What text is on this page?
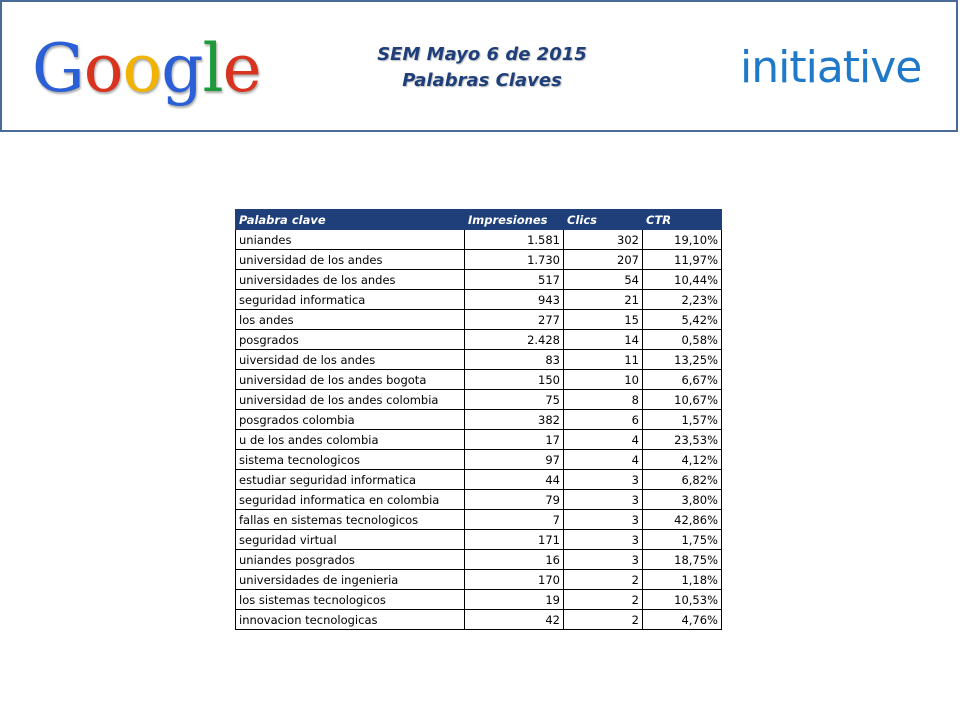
Google	SEM Mayo 6 de 2015
Palabras Claves	initiative
Palabra clave	Impresiones	Clics	CTR
uniandes	1.581	302	19,10%
universidad de los andes	1.730	207	11,97%
universidades de los andes	517	54	10,44%
seguridad informatica	943	21	2,23%
los andes	277	15	5,42%
posgrados	2.428	14	0,58%
uiversidad de los andes	83	11	13,25%
universidad de los andes bogota	150	10	6,67%
universidad de los andes colombia	75	8	10,67%
posgrados colombia	382	6	1,57%
u de los andes colombia	17	4	23,53%
sistema tecnologicos	97	4	4,12%
estudiar seguridad informatica	44	3	6,82%
seguridad informatica en colombia	79	3	3,80%
fallas en sistemas tecnologicos	7	3	42,86%
seguridad virtual	171	3	1,75%
uniandes posgrados	16	3	18,75%
universidades de ingenieria	170	2	1,18%
los sistemas tecnologicos	19	2	10,53%
innovacion tecnologicas	42	2	4,76%
